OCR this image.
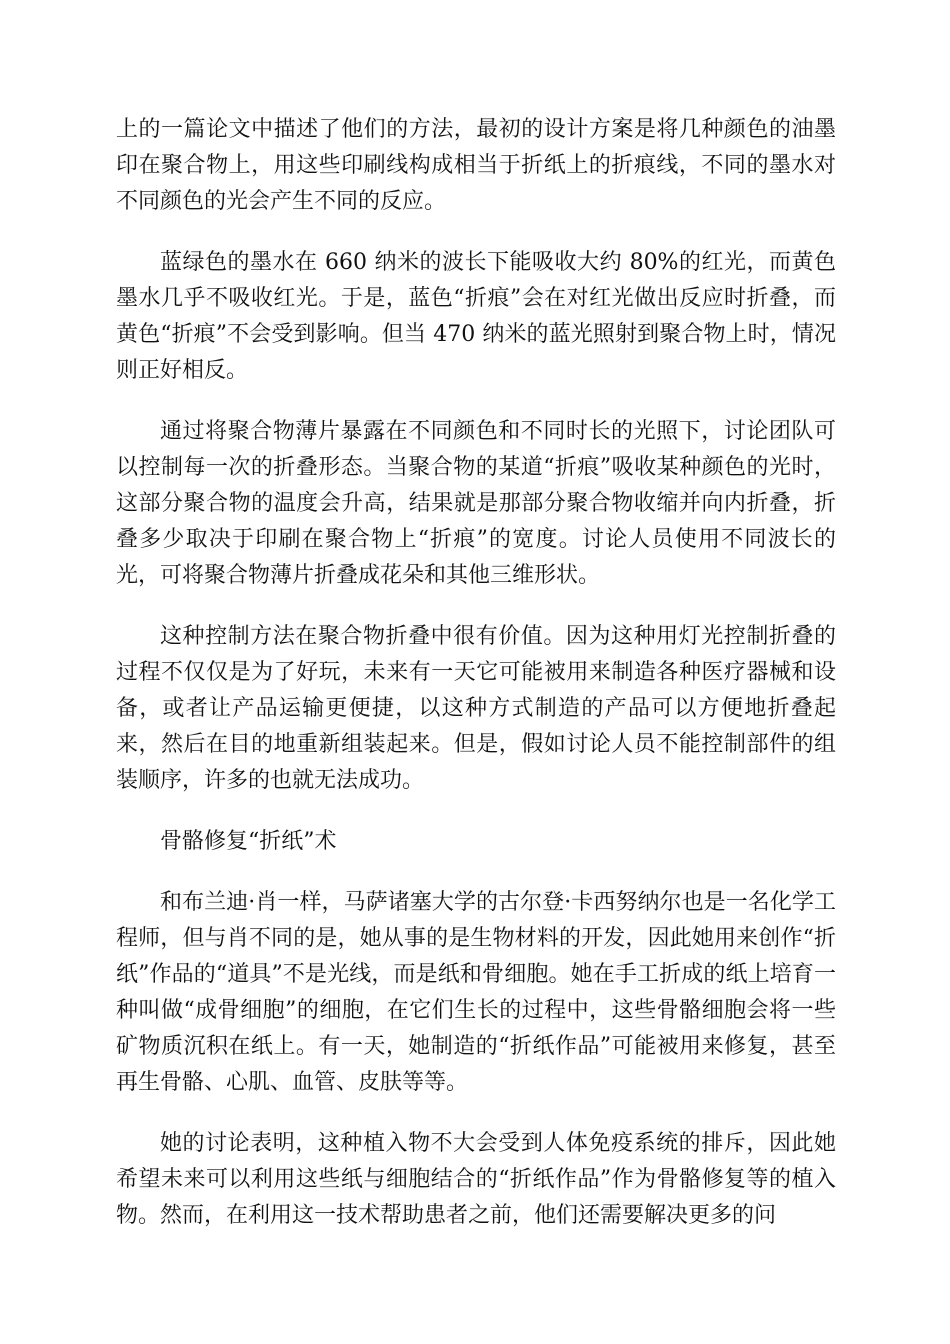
上的一篇论文中描述了他们的方法，最初的设计方案是将几种颜色的油墨印在聚合物上，用这些印刷线构成相当于折纸上的折痕线，不同的墨水对不同颜色的光会产生不同的反应。

蓝绿色的墨水在 660 纳米的波长下能吸收大约 80%的红光，而黄色墨水几乎不吸收红光。于是，蓝色“折痕”会在对红光做出反应时折叠，而黄色“折痕”不会受到影响。但当 470 纳米的蓝光照射到聚合物上时，情况则正好相反。

通过将聚合物薄片暴露在不同颜色和不同时长的光照下，讨论团队可以控制每一次的折叠形态。当聚合物的某道“折痕”吸收某种颜色的光时，这部分聚合物的温度会升高，结果就是那部分聚合物收缩并向内折叠，折叠多少取决于印刷在聚合物上“折痕”的宽度。讨论人员使用不同波长的光，可将聚合物薄片折叠成花朵和其他三维形状。

这种控制方法在聚合物折叠中很有价值。因为这种用灯光控制折叠的过程不仅仅是为了好玩，未来有一天它可能被用来制造各种医疗器械和设备，或者让产品运输更便捷，以这种方式制造的产品可以方便地折叠起来，然后在目的地重新组装起来。但是，假如讨论人员不能控制部件的组装顺序，许多的也就无法成功。

骨骼修复“折纸”术

和布兰迪·肖一样，马萨诸塞大学的古尔登·卡西努纳尔也是一名化学工程师，但与肖不同的是，她从事的是生物材料的开发，因此她用来创作“折纸”作品的“道具”不是光线，而是纸和骨细胞。她在手工折成的纸上培育一种叫做“成骨细胞”的细胞，在它们生长的过程中，这些骨骼细胞会将一些矿物质沉积在纸上。有一天，她制造的“折纸作品”可能被用来修复，甚至再生骨骼、心肌、血管、皮肤等等。

她的讨论表明，这种植入物不大会受到人体免疫系统的排斥，因此她希望未来可以利用这些纸与细胞结合的“折纸作品”作为骨骼修复等的植入物。然而，在利用这一技术帮助患者之前，他们还需要解决更多的问
